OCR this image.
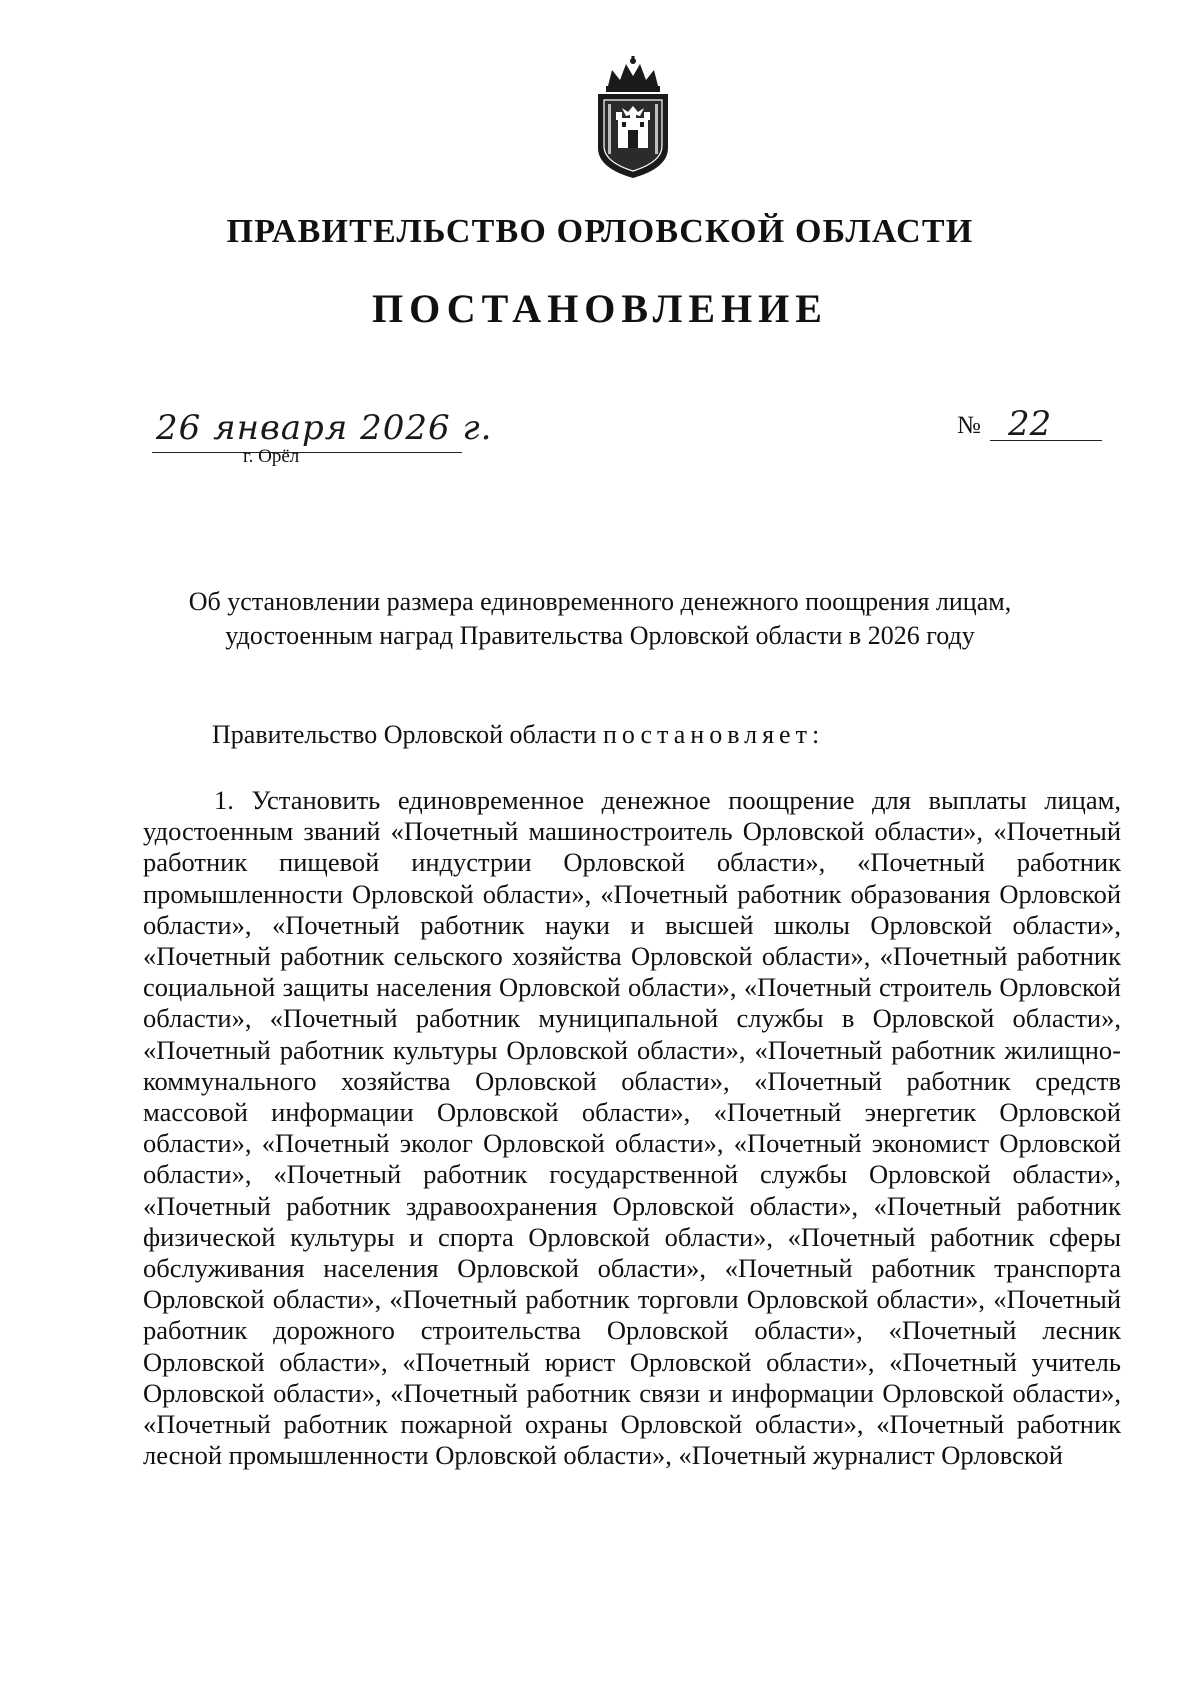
ПРАВИТЕЛЬСТВО ОРЛОВСКОЙ ОБЛАСТИ
ПОСТАНОВЛЕНИЕ
26 января 2026 г.
г. Орёл
№ 22
Об установлении размера единовременного денежного поощрения лицам,
удостоенным наград Правительства Орловской области в 2026 году
Правительство Орловской области постановляет:

1. Установить единовременное денежное поощрение для выплаты лицам, удостоенным званий «Почетный машиностроитель Орловской области», «Почетный работник пищевой индустрии Орловской области», «Почетный работник промышленности Орловской области», «Почетный работник образования Орловской области», «Почетный работник науки и высшей школы Орловской области», «Почетный работник сельского хозяйства Орловской области», «Почетный работник социальной защиты населения Орловской области», «Почетный строитель Орловской области», «Почетный работник муниципальной службы в Орловской области», «Почетный работник культуры Орловской области», «Почетный работник жилищно-коммунального хозяйства Орловской области», «Почетный работник средств массовой информации Орловской области», «Почетный энергетик Орловской области», «Почетный эколог Орловской области», «Почетный экономист Орловской области», «Почетный работник государственной службы Орловской области», «Почетный работник здравоохранения Орловской области», «Почетный работник физической культуры и спорта Орловской области», «Почетный работник сферы обслуживания населения Орловской области», «Почетный работник транспорта Орловской области», «Почетный работник торговли Орловской области», «Почетный работник дорожного строительства Орловской области», «Почетный лесник Орловской области», «Почетный юрист Орловской области», «Почетный учитель Орловской области», «Почетный работник связи и информации Орловской области», «Почетный работник пожарной охраны Орловской области», «Почетный работник лесной промышленности Орловской области», «Почетный журналист Орловской
